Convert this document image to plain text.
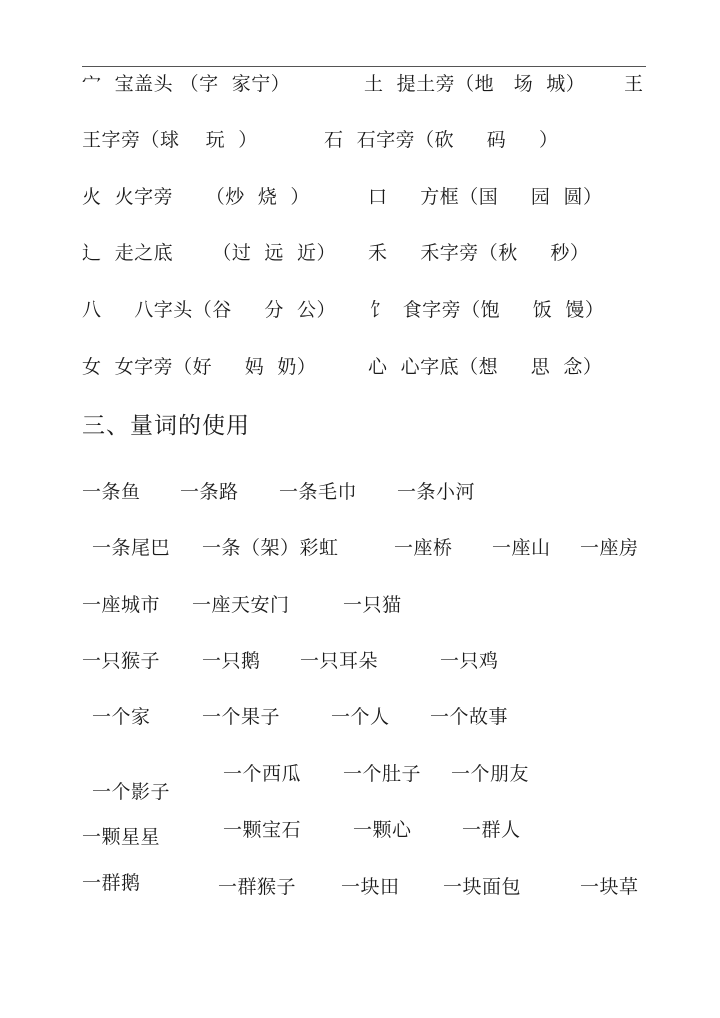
宀  宝盖头 （字  家宁）	土  提土旁（地   场  城） 王
王字旁（球    玩  ）	石  石字旁（砍     码     ）
火  火字旁     （炒  烧  ）	口     方框（国     园  圆）
辶  走之底      （过  远  近） 禾     禾字旁（秋     秒）
八     八字头（谷     分  公） 饣  食字旁（饱     饭  馒）
女  女字旁（好     妈  奶）	心  心字底（想     思  念）
三、量词的使用
一条鱼 一条路 一条毛巾 一条小河
一条尾巴 一条（架）彩虹	一座桥 一座山 一座房
一座城市 一座天安门	一只猫
一只猴子 一只鹅 一只耳朵	一只鸡
一个家	一个果子	一个人 一个故事
一个西瓜 一个肚子 一个朋友
一个影子
一颗宝石	一颗心	一群人
一颗星星
一群鹅	一群猴子 一块田 一块面包	一块草
